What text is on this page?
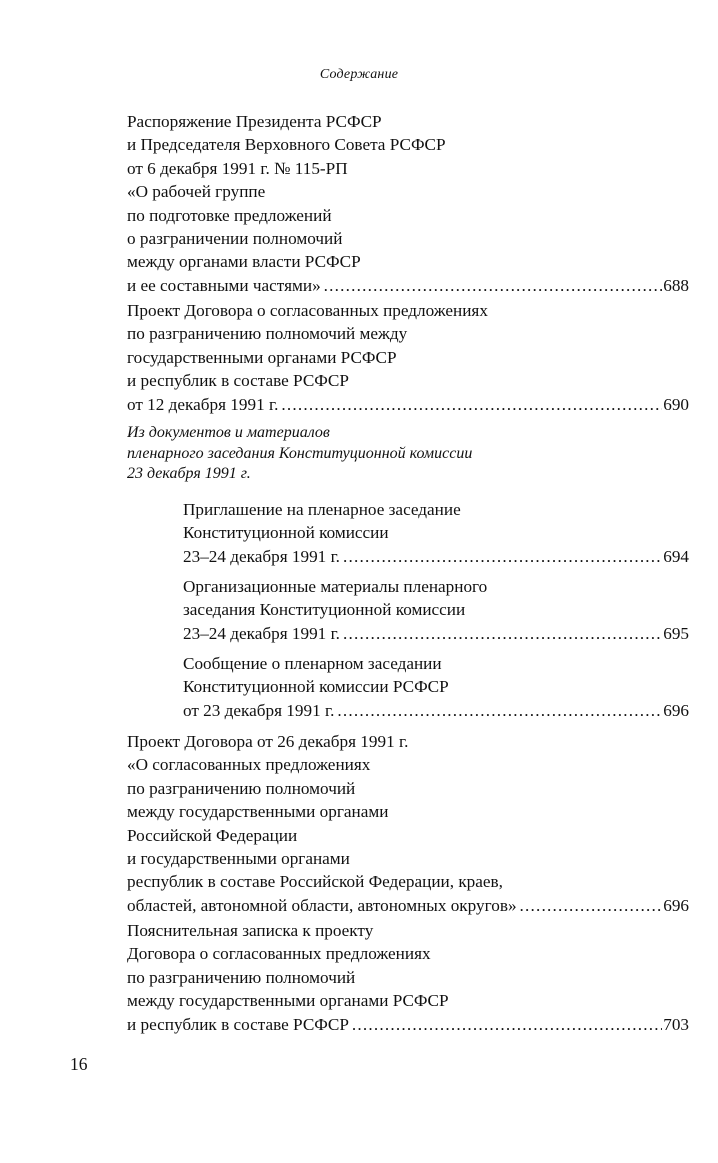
Содержание
Распоряжение Президента РСФСР
и Председателя Верховного Совета РСФСР
от 6 декабря 1991 г. № 115-РП
«О рабочей группе
по подготовке предложений
о разграничении полномочий
между органами власти РСФСР
и ее составными частями» .....	688
Проект Договора о согласованных предложениях
по разграничению полномочий между
государственными органами РСФСР
и республик в составе РСФСР
от 12 декабря 1991 г. .....	690
Из документов и материалов
пленарного заседания Конституционной комиссии
23 декабря 1991 г.
Приглашение на пленарное заседание
Конституционной комиссии
23–24 декабря 1991 г. .....	694
Организационные материалы пленарного
заседания Конституционной комиссии
23–24 декабря 1991 г. .....	695
Сообщение о пленарном заседании
Конституционной комиссии РСФСР
от 23 декабря 1991 г. .....	696
Проект Договора от 26 декабря 1991 г.
«О согласованных предложениях
по разграничению полномочий
между государственными органами
Российской Федерации
и государственными органами
республик в составе Российской Федерации, краев,
областей, автономной области, автономных округов» .....	696
Пояснительная записка к проекту
Договора о согласованных предложениях
по разграничению полномочий
между государственными органами РСФСР
и республик в составе РСФСР .....	703
16
